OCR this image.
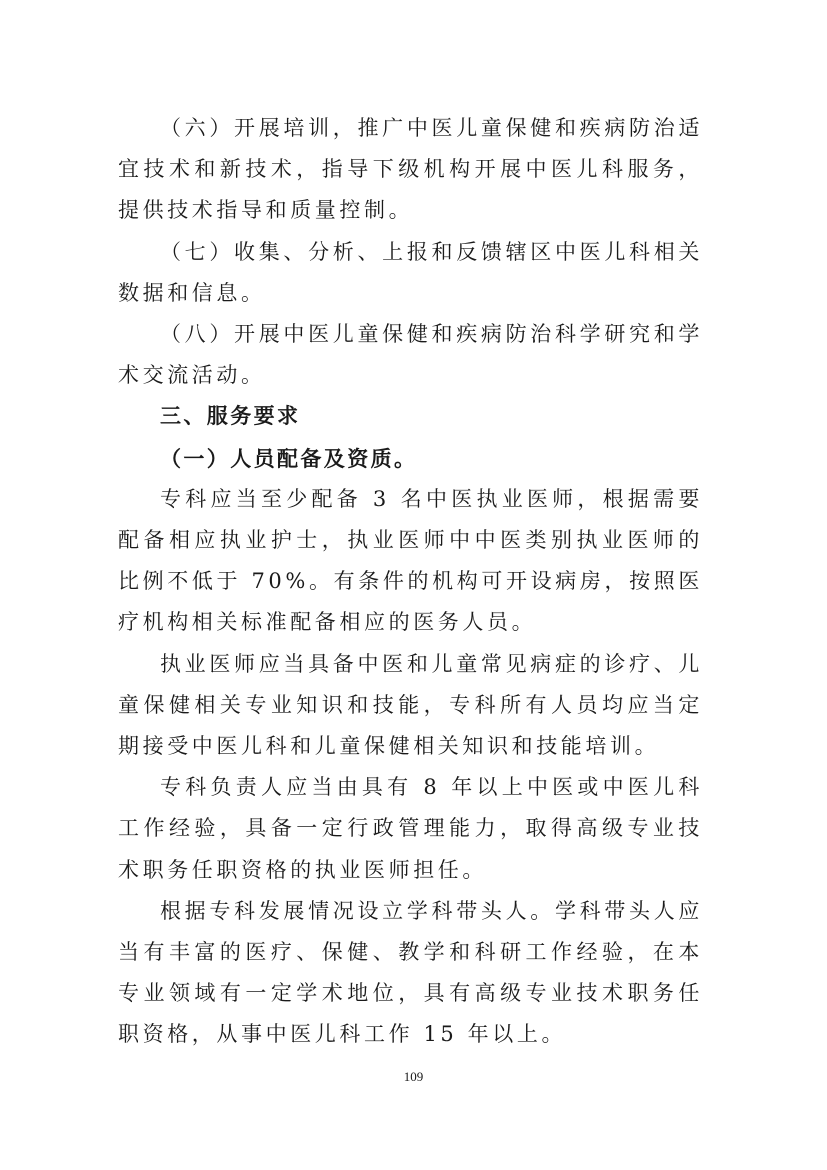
（六）开展培训，推广中医儿童保健和疾病防治适宜技术和新技术，指导下级机构开展中医儿科服务，提供技术指导和质量控制。

（七）收集、分析、上报和反馈辖区中医儿科相关数据和信息。

（八）开展中医儿童保健和疾病防治科学研究和学术交流活动。

三、服务要求

（一）人员配备及资质。

专科应当至少配备 3 名中医执业医师，根据需要配备相应执业护士，执业医师中中医类别执业医师的比例不低于 70%。有条件的机构可开设病房，按照医疗机构相关标准配备相应的医务人员。

执业医师应当具备中医和儿童常见病症的诊疗、儿童保健相关专业知识和技能，专科所有人员均应当定期接受中医儿科和儿童保健相关知识和技能培训。

专科负责人应当由具有 8 年以上中医或中医儿科工作经验，具备一定行政管理能力，取得高级专业技术职务任职资格的执业医师担任。

根据专科发展情况设立学科带头人。学科带头人应当有丰富的医疗、保健、教学和科研工作经验，在本专业领域有一定学术地位，具有高级专业技术职务任职资格，从事中医儿科工作 15 年以上。

109
